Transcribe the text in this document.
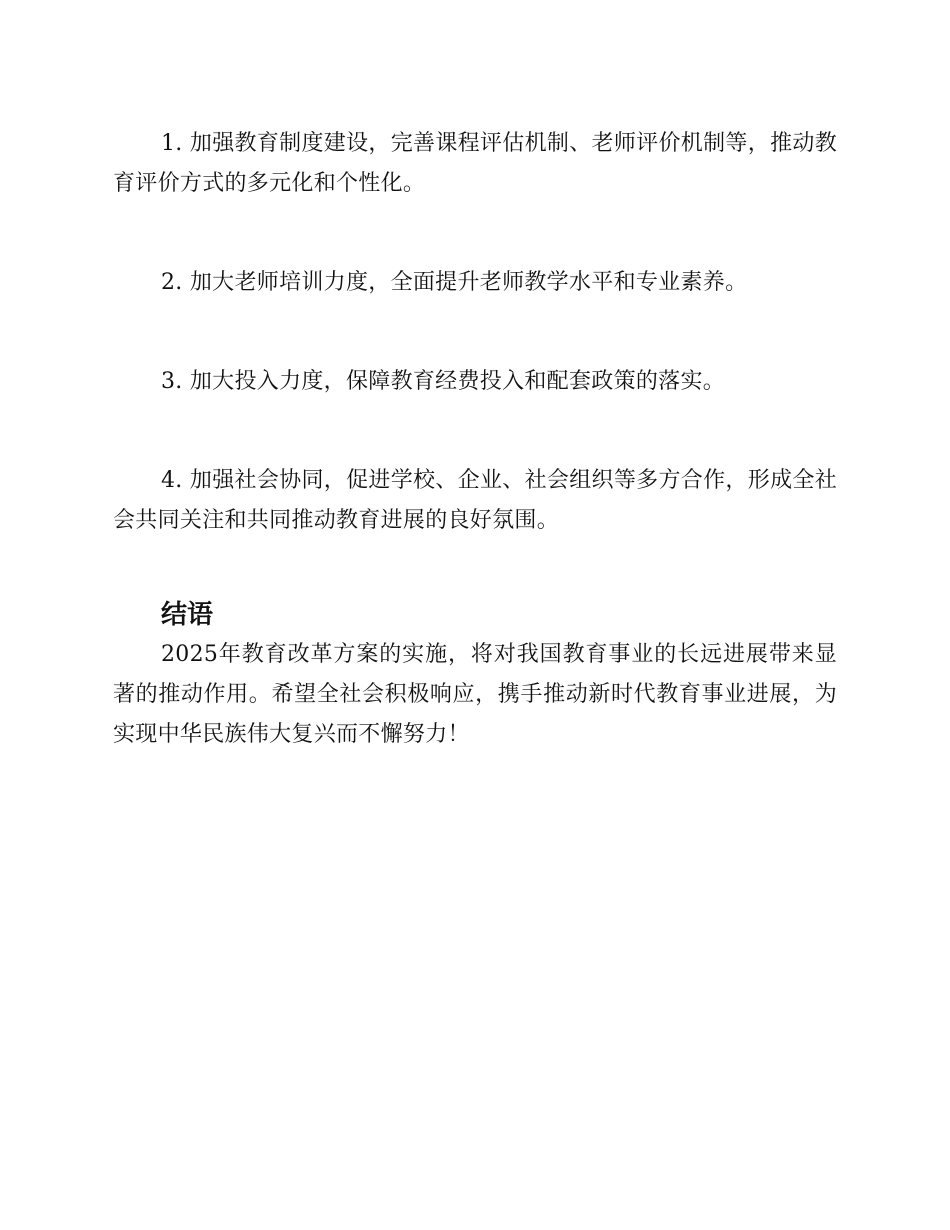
1. 加强教育制度建设，完善课程评估机制、老师评价机制等，推动教育评价方式的多元化和个性化。

2. 加大老师培训力度，全面提升老师教学水平和专业素养。

3. 加大投入力度，保障教育经费投入和配套政策的落实。

4. 加强社会协同，促进学校、企业、社会组织等多方合作，形成全社会共同关注和共同推动教育进展的良好氛围。

结语

2025年教育改革方案的实施，将对我国教育事业的长远进展带来显著的推动作用。希望全社会积极响应，携手推动新时代教育事业进展，为实现中华民族伟大复兴而不懈努力！
